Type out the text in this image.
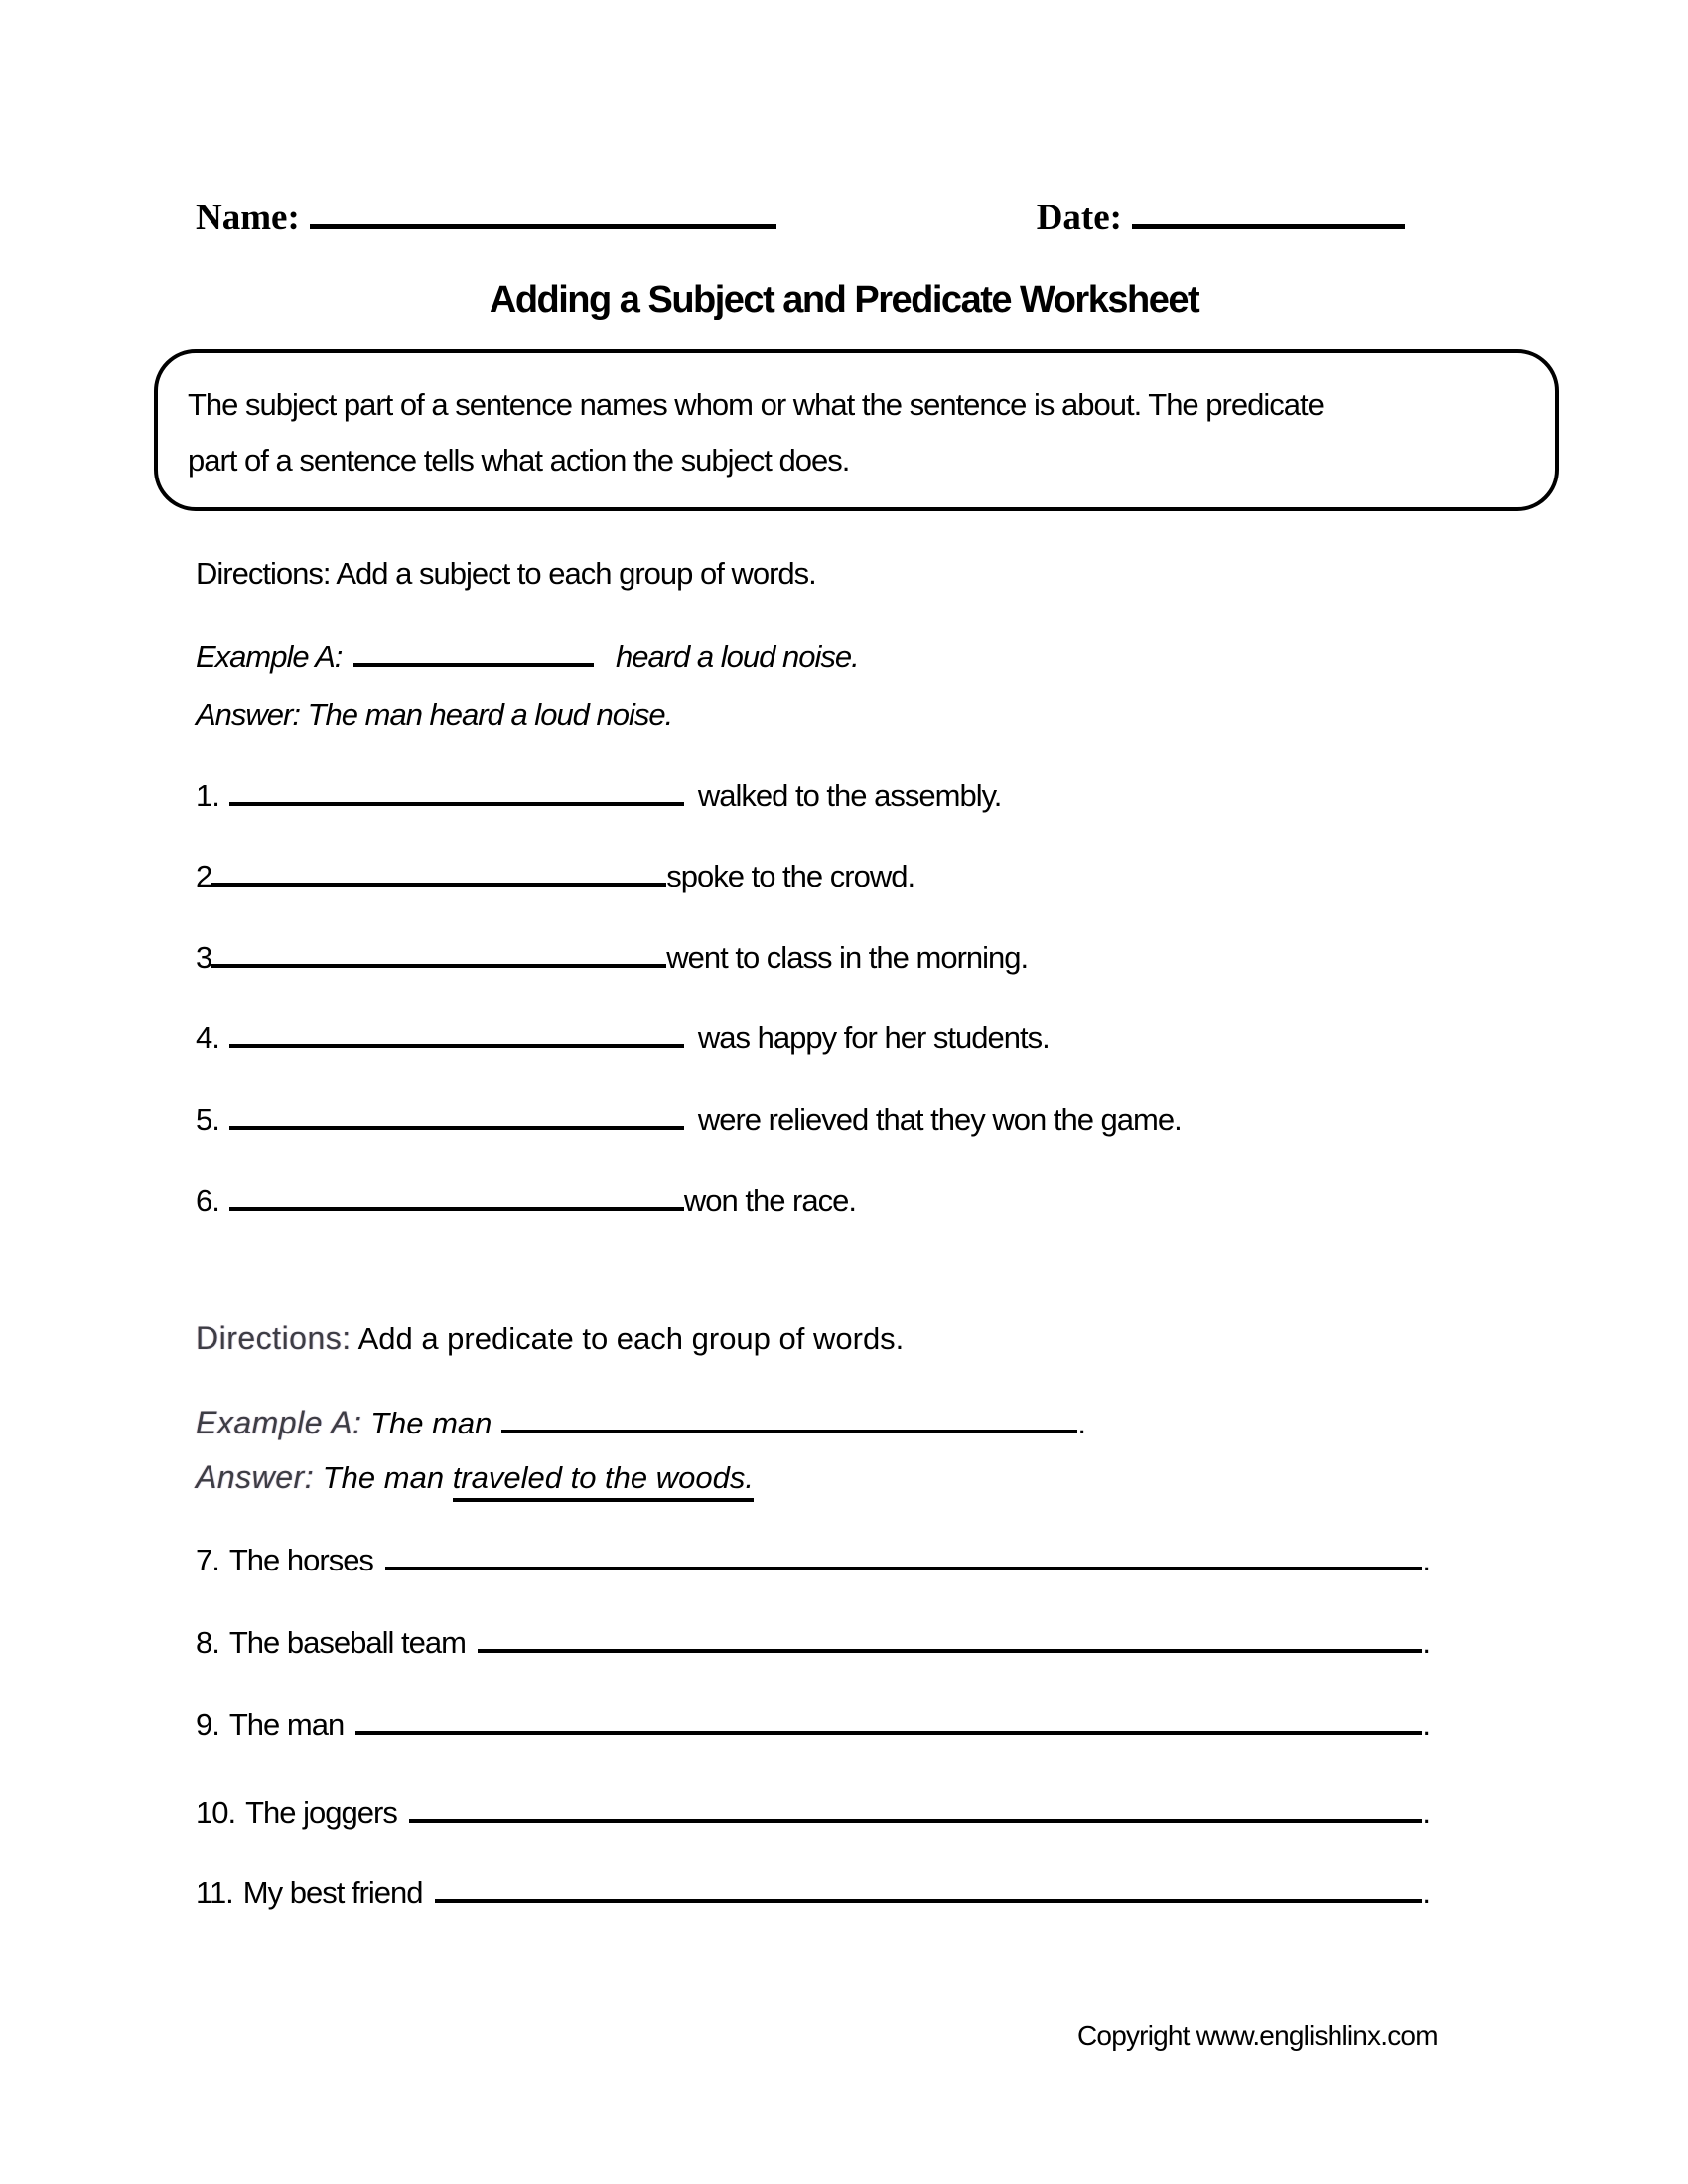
Name:	Date:
Adding a Subject and Predicate Worksheet

The subject part of a sentence names whom or what the sentence is about. The predicate part of a sentence tells what action the subject does.

Directions: Add a subject to each group of words.
Example A:	heard a loud noise.
Answer: The man heard a loud noise.
1.	walked to the assembly.
2	spoke to the crowd.
3	went to class in the morning.
4.	was happy for her students.
5.	were relieved that they won the game.
6.	won the race.
Directions: Add a predicate to each group of words.
Example A: The man	.
Answer: The man traveled to the woods.
7. The horses	.
8. The baseball team	.
9. The man	.
10. The joggers	.
11. My best friend	.
Copyright www.englishlinx.com
